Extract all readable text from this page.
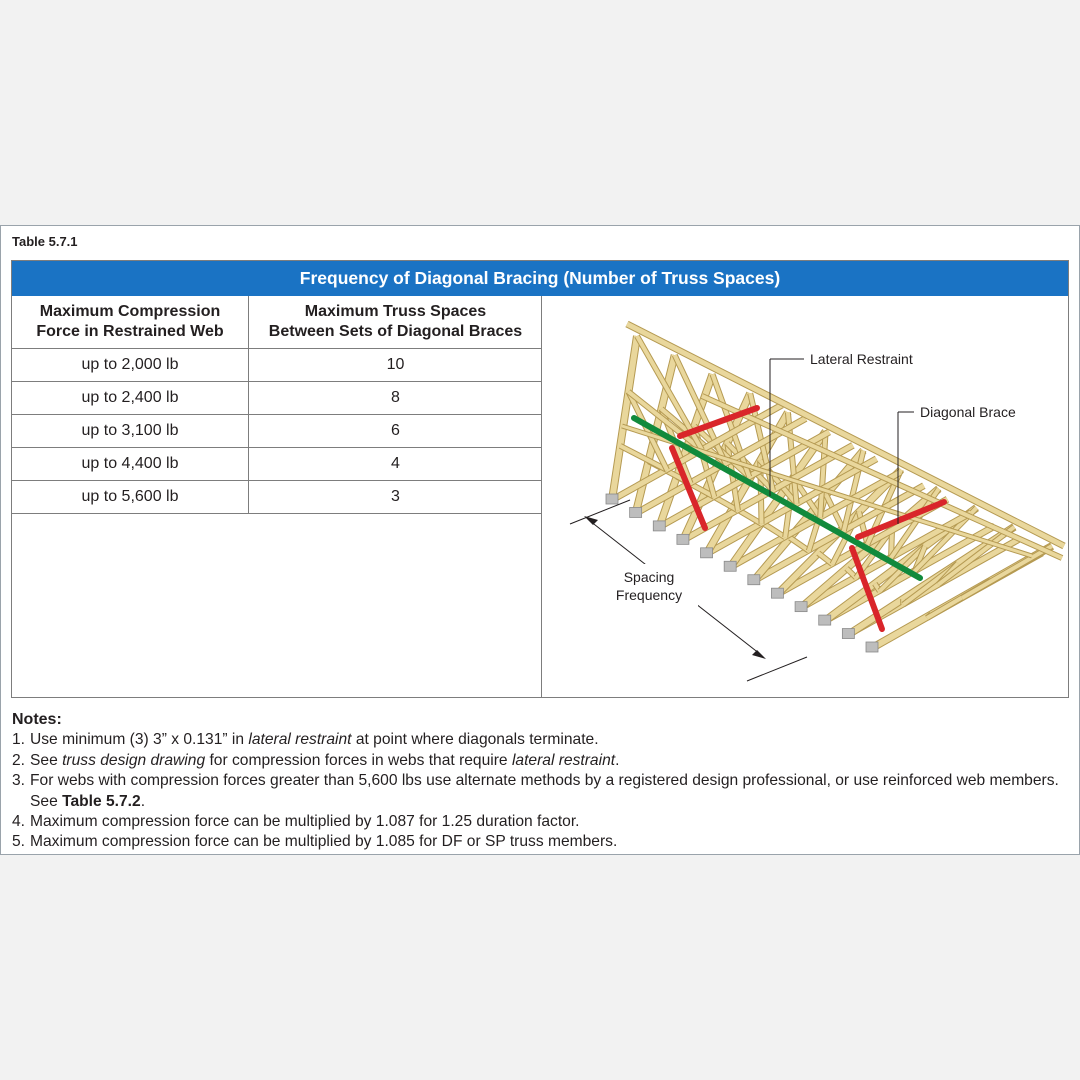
Table 5.7.1
Frequency of Diagonal Bracing (Number of Truss Spaces)
Maximum Compression
Force in Restrained Web
Maximum Truss Spaces
Between Sets of Diagonal Braces
up to 2,000 lb	10
up to 2,400 lb	8
up to 3,100 lb	6
up to 4,400 lb	4
up to 5,600 lb	3
Lateral Restraint
Diagonal Brace
Spacing
Frequency
Notes:
1. Use minimum (3) 3” x 0.131” in lateral restraint at point where diagonals terminate.
2. See truss design drawing for compression forces in webs that require lateral restraint.
3. For webs with compression forces greater than 5,600 lbs use alternate methods by a registered design professional, or use reinforced web members. See Table 5.7.2.
4. Maximum compression force can be multiplied by 1.087 for 1.25 duration factor.
5. Maximum compression force can be multiplied by 1.085 for DF or SP truss members.
